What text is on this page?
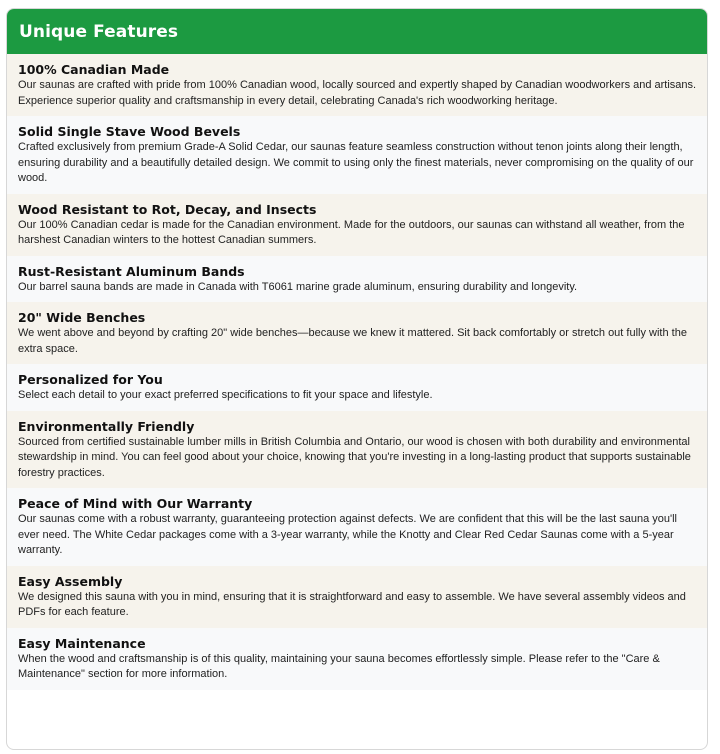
Unique Features
100% Canadian Made
Our saunas are crafted with pride from 100% Canadian wood, locally sourced and expertly shaped by Canadian woodworkers and artisans. Experience superior quality and craftsmanship in every detail, celebrating Canada's rich woodworking heritage.
Solid Single Stave Wood Bevels
Crafted exclusively from premium Grade-A Solid Cedar, our saunas feature seamless construction without tenon joints along their length, ensuring durability and a beautifully detailed design. We commit to using only the finest materials, never compromising on the quality of our wood.
Wood Resistant to Rot, Decay, and Insects
Our 100% Canadian cedar is made for the Canadian environment. Made for the outdoors, our saunas can withstand all weather, from the harshest Canadian winters to the hottest Canadian summers.
Rust-Resistant Aluminum Bands
Our barrel sauna bands are made in Canada with T6061 marine grade aluminum, ensuring durability and longevity.
20" Wide Benches
We went above and beyond by crafting 20" wide benches—because we knew it mattered. Sit back comfortably or stretch out fully with the extra space.
Personalized for You
Select each detail to your exact preferred specifications to fit your space and lifestyle.
Environmentally Friendly
Sourced from certified sustainable lumber mills in British Columbia and Ontario, our wood is chosen with both durability and environmental stewardship in mind. You can feel good about your choice, knowing that you're investing in a long-lasting product that supports sustainable forestry practices.
Peace of Mind with Our Warranty
Our saunas come with a robust warranty, guaranteeing protection against defects. We are confident that this will be the last sauna you'll ever need. The White Cedar packages come with a 3-year warranty, while the Knotty and Clear Red Cedar Saunas come with a 5-year warranty.
Easy Assembly
We designed this sauna with you in mind, ensuring that it is straightforward and easy to assemble. We have several assembly videos and PDFs for each feature.
Easy Maintenance
When the wood and craftsmanship is of this quality, maintaining your sauna becomes effortlessly simple. Please refer to the "Care & Maintenance" section for more information.
